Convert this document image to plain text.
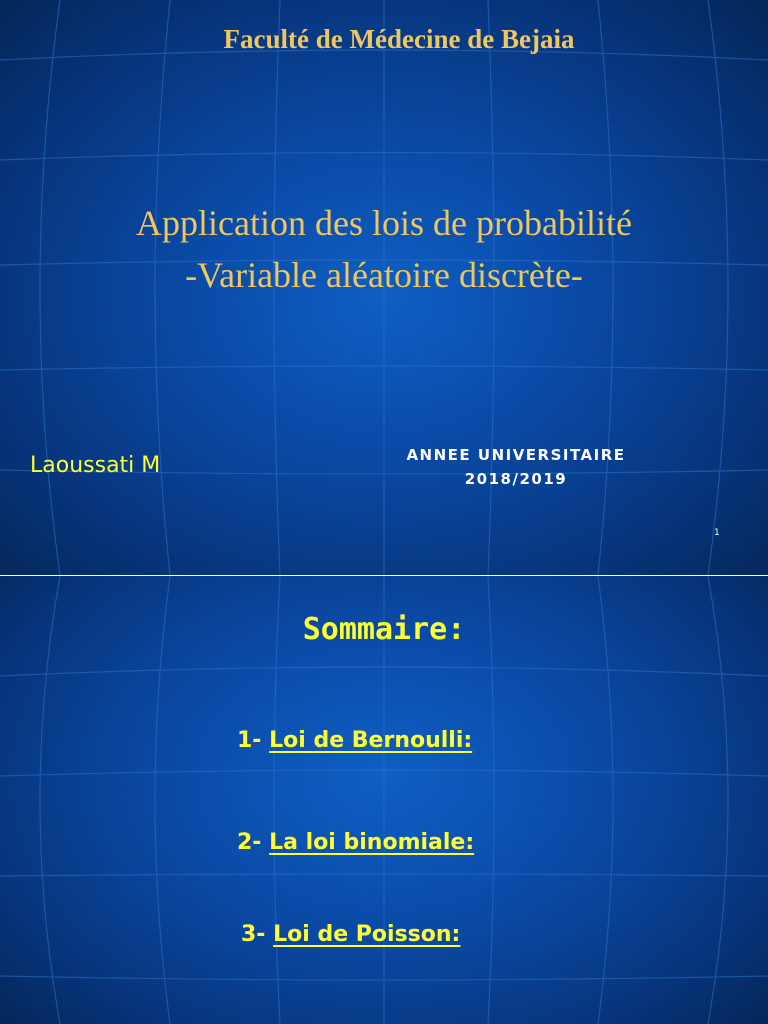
Faculté de Médecine de Bejaia
Application des lois de probabilité
-Variable aléatoire discrète-
Laoussati M	ANNEE UNIVERSITAIRE
2018/2019
1
Sommaire:
1- Loi de Bernoulli:
2- La loi binomiale:
3- Loi de Poisson:
